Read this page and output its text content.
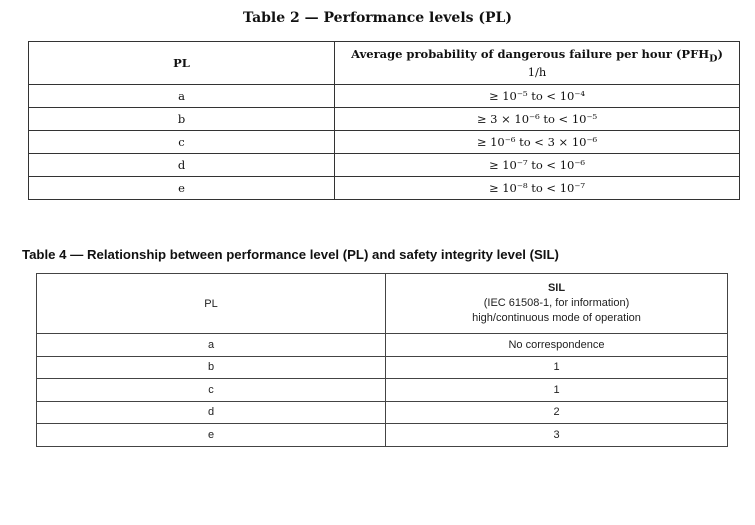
Table 2 — Performance levels (PL)
PL	Average probability of dangerous failure per hour $(PFH_D)$
1/h

a	≥ 10⁻⁵ to < 10⁻⁴
b	≥ 3 × 10⁻⁶ to < 10⁻⁵
c	≥ 10⁻⁶ to < 3 × 10⁻⁶
d	≥ 10⁻⁷ to < 10⁻⁶
e	≥ 10⁻⁸ to < 10⁻⁷
Table 4 — Relationship between performance level (PL) and safety integrity level (SIL)
PL	SIL
(IEC 61508-1, for information)
high/continuous mode of operation

a	No correspondence
b	1
c	1
d	2
e	3
